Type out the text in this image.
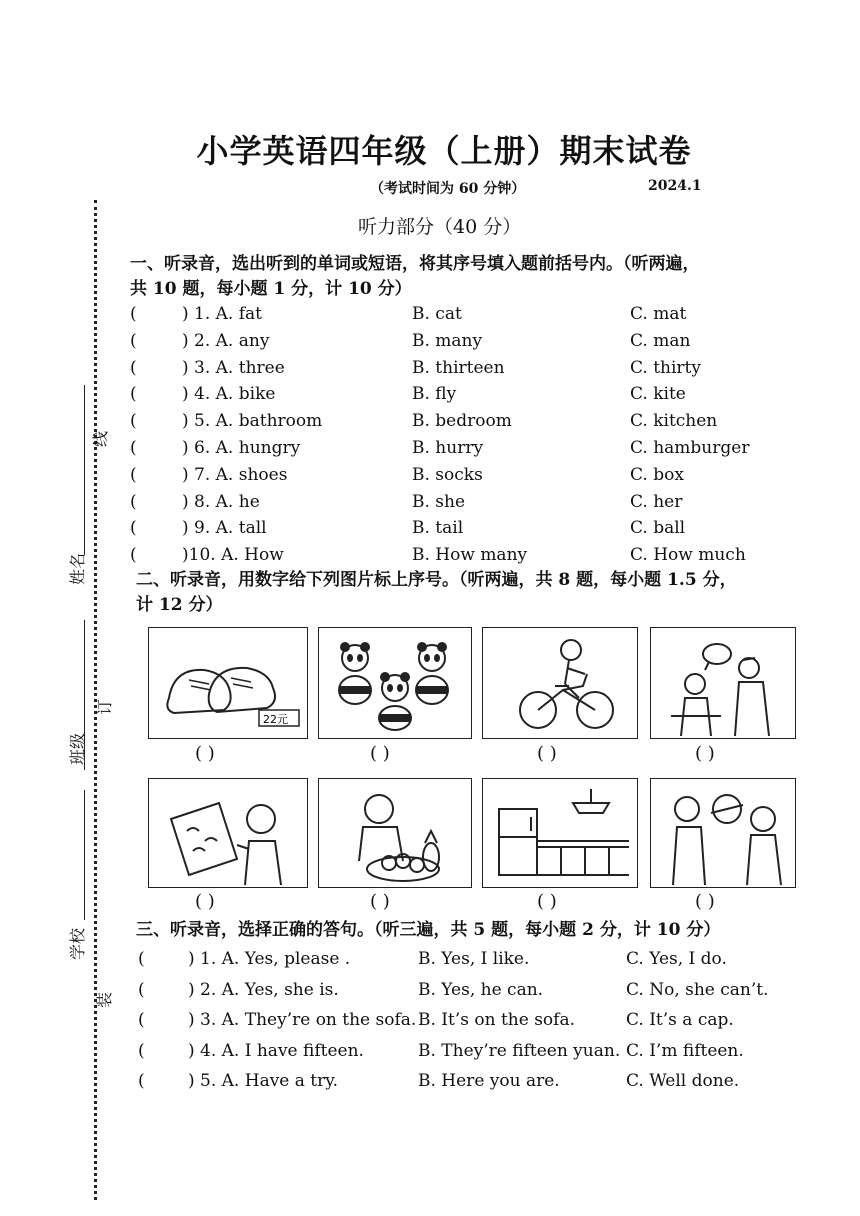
小学英语四年级（上册）期末试卷
（考试时间为 60 分钟）	2024.1
听力部分（40 分）
线
订
装
姓名
班级
学校
一、听录音，选出听到的单词或短语，将其序号填入题前括号内。（听两遍，
共 10 题，每小题 1 分，计 10 分）
(	) 1. A. fat	B. cat	C. mat
(	) 2. A. any	B. many	C. man
(	) 3. A. three	B. thirteen	C. thirty
(	) 4. A. bike	B. fly	C. kite
(	) 5. A. bathroom	B. bedroom	C. kitchen
(	) 6. A. hungry	B. hurry	C. hamburger
(	) 7. A. shoes	B. socks	C. box
(	) 8. A. he	B. she	C. her
(	) 9. A. tall	B. tail	C. ball
(	)10. A. How	B. How many	C. How much
二、听录音，用数字给下列图片标上序号。（听两遍，共 8 题，每小题 1.5 分，
计 12 分）
22元
( )	( )	( )	( )
( )	( )	( )	( )
三、听录音，选择正确的答句。（听三遍，共 5 题，每小题 2 分，计 10 分）
(	) 1. A. Yes, please .	B. Yes, I like.	C. Yes, I do.
(	) 2. A. Yes, she is.	B. Yes, he can.	C. No, she can’t.
(	) 3. A. They’re on the sofa. B. It’s on the sofa.	C. It’s a cap.
(	) 4. A. I have fifteen.	B. They’re fifteen yuan. C. I’m fifteen.
(	) 5. A. Have a try.	B. Here you are.	C. Well done.
